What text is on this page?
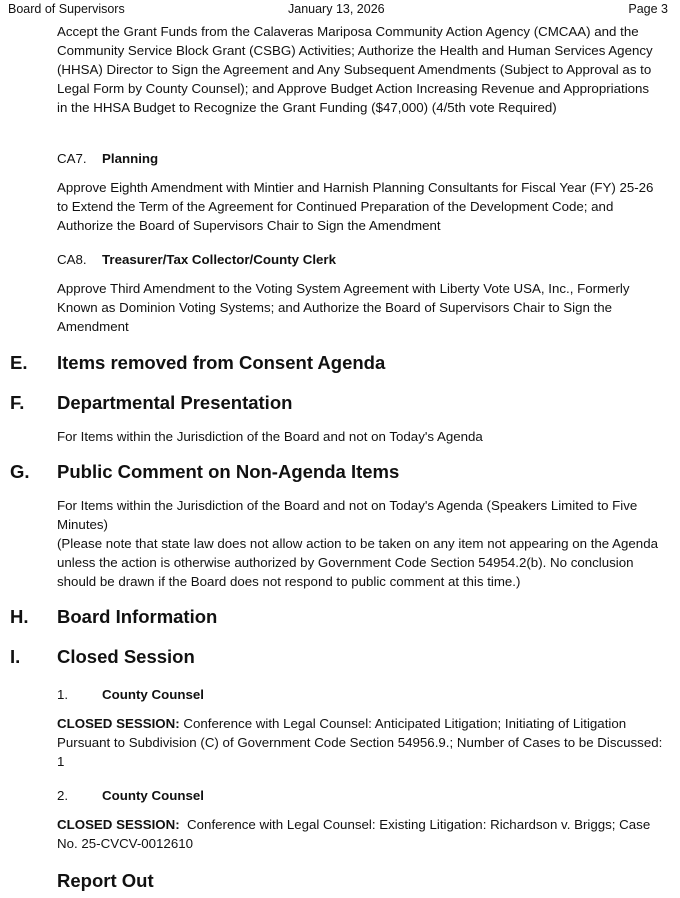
Board of Supervisors	January 13, 2026	Page 3

Accept the Grant Funds from the Calaveras Mariposa Community Action Agency (CMCAA) and the Community Service Block Grant (CSBG) Activities; Authorize the Health and Human Services Agency (HHSA) Director to Sign the Agreement and Any Subsequent Amendments (Subject to Approval as to Legal Form by County Counsel); and Approve Budget Action Increasing Revenue and Appropriations in the HHSA Budget to Recognize the Grant Funding ($47,000) (4/5th vote Required)

CA7. Planning

Approve Eighth Amendment with Mintier and Harnish Planning Consultants for Fiscal Year (FY) 25-26 to Extend the Term of the Agreement for Continued Preparation of the Development Code; and Authorize the Board of Supervisors Chair to Sign the Amendment

CA8. Treasurer/Tax Collector/County Clerk

Approve Third Amendment to the Voting System Agreement with Liberty Vote USA, Inc., Formerly Known as Dominion Voting Systems; and Authorize the Board of Supervisors Chair to Sign the Amendment

E. Items removed from Consent Agenda
F. Departmental Presentation

For Items within the Jurisdiction of the Board and not on Today's Agenda

G. Public Comment on Non-Agenda Items

For Items within the Jurisdiction of the Board and not on Today's Agenda (Speakers Limited to Five Minutes)

(Please note that state law does not allow action to be taken on any item not appearing on the Agenda unless the action is otherwise authorized by Government Code Section 54954.2(b). No conclusion should be drawn if the Board does not respond to public comment at this time.)

H. Board Information
I. Closed Session
1.	County Counsel

CLOSED SESSION: Conference with Legal Counsel: Anticipated Litigation; Initiating of Litigation Pursuant to Subdivision (C) of Government Code Section 54956.9.; Number of Cases to be Discussed: 1

2.	County Counsel

CLOSED SESSION:  Conference with Legal Counsel: Existing Litigation: Richardson v. Briggs; Case No. 25-CVCV-0012610

Report Out
